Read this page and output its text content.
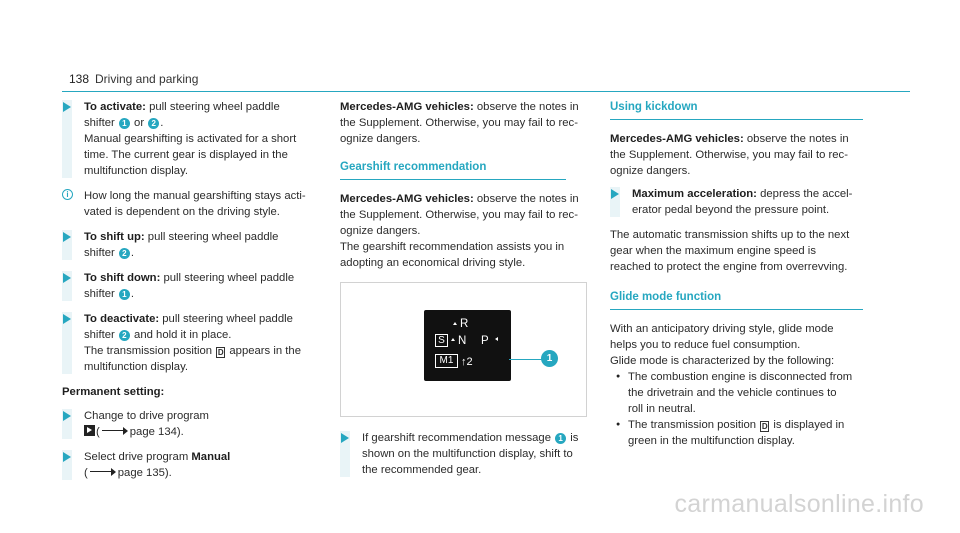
138 Driving and parking

To activate: pull steering wheel paddle

shifter 1 or 2 .

Manual gearshifting is activated for a short

time. The current gear is displayed in the

multifunction display.

i	How long the manual gearshifting stays acti-

vated is dependent on the driving style.

To shift up: pull steering wheel paddle

shifter 2 .

To shift down: pull steering wheel paddle

shifter 1 .

To deactivate: pull steering wheel paddle

shifter 2 and hold it in place.

The transmission position D appears in the

multifunction display.

Permanent setting:

Change to drive program

(	page 134).

Select drive program Manual

(	page 135).

Mercedes-AMG vehicles: observe the notes in

the Supplement. Otherwise, you may fail to rec-

ognize dangers.

Gearshift recommendation

Mercedes-AMG vehicles: observe the notes in

the Supplement. Otherwise, you may fail to rec-

ognize dangers.

The gearshift recommendation assists you in

adopting an economical driving style.

R
S N P
M1 ↑2	1

If gearshift recommendation message 1 is

shown on the multifunction display, shift to

the recommended gear.

Using kickdown

Mercedes-AMG vehicles: observe the notes in

the Supplement. Otherwise, you may fail to rec-

ognize dangers.

Maximum acceleration: depress the accel-

erator pedal beyond the pressure point.

The automatic transmission shifts up to the next

gear when the maximum engine speed is

reached to protect the engine from overrevving.

Glide mode function

With an anticipatory driving style, glide mode

helps you to reduce fuel consumption.

Glide mode is characterized by the following:

● The combustion engine is disconnected from

the drivetrain and the vehicle continues to

roll in neutral.

● The transmission position D is displayed in

green in the multifunction display.

carmanualsonline.info
